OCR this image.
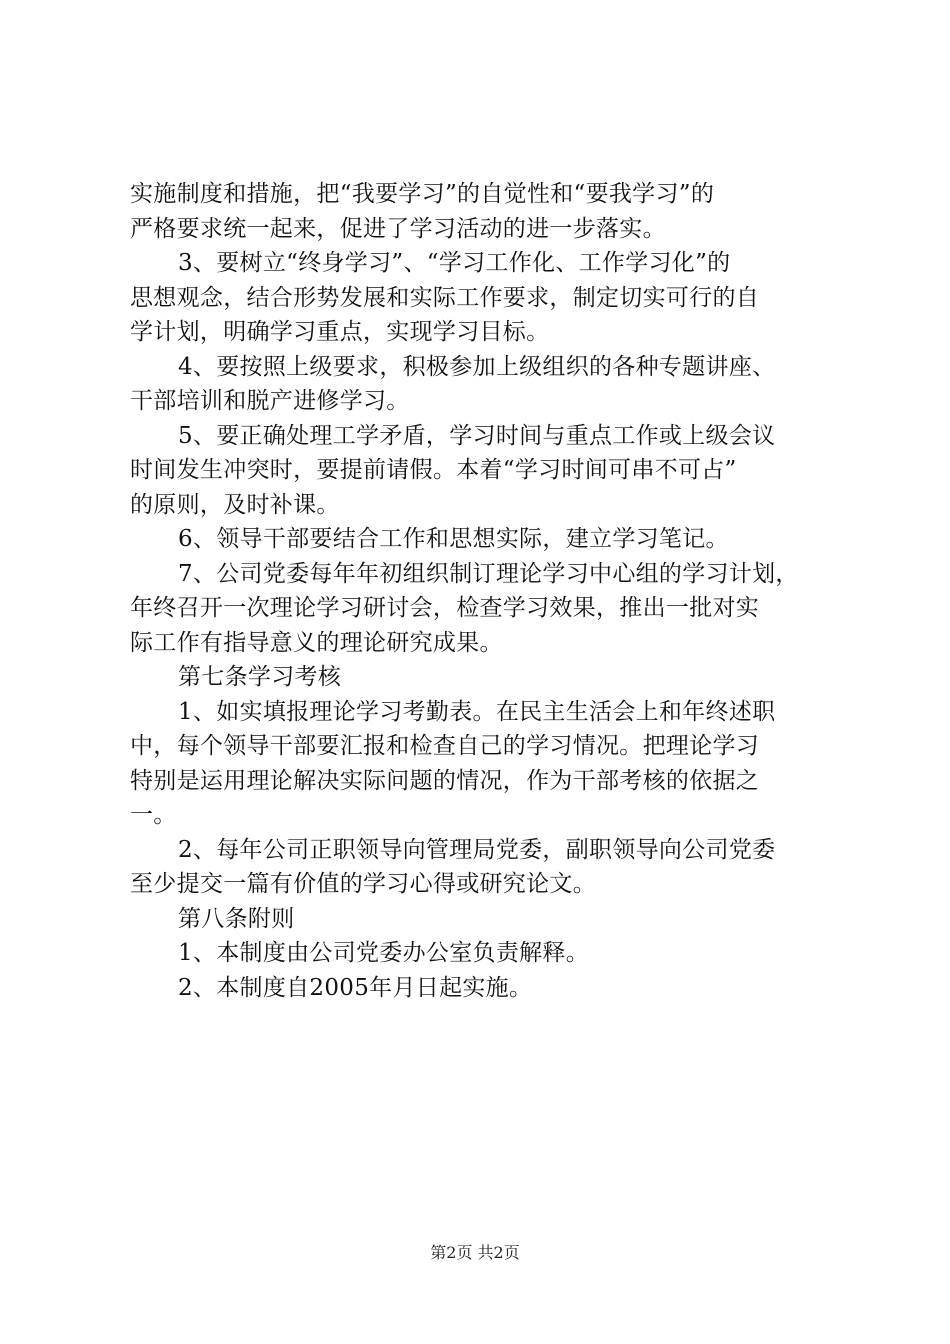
实施制度和措施，把“我要学习”的自觉性和“要我学习”的
严格要求统一起来，促进了学习活动的进一步落实。
3、要树立“终身学习”、“学习工作化、工作学习化”的
思想观念，结合形势发展和实际工作要求，制定切实可行的自
学计划，明确学习重点，实现学习目标。
4、要按照上级要求，积极参加上级组织的各种专题讲座、
干部培训和脱产进修学习。
5、要正确处理工学矛盾，学习时间与重点工作或上级会议
时间发生冲突时，要提前请假。本着“学习时间可串不可占”
的原则，及时补课。
6、领导干部要结合工作和思想实际，建立学习笔记。
7、公司党委每年年初组织制订理论学习中心组的学习计划，
年终召开一次理论学习研讨会，检查学习效果，推出一批对实
际工作有指导意义的理论研究成果。
第七条学习考核
1、如实填报理论学习考勤表。在民主生活会上和年终述职
中，每个领导干部要汇报和检查自己的学习情况。把理论学习
特别是运用理论解决实际问题的情况，作为干部考核的依据之
一。
2、每年公司正职领导向管理局党委，副职领导向公司党委
至少提交一篇有价值的学习心得或研究论文。
第八条附则
1、本制度由公司党委办公室负责解释。
2、本制度自2005年月日起实施。
第2页 共2页
